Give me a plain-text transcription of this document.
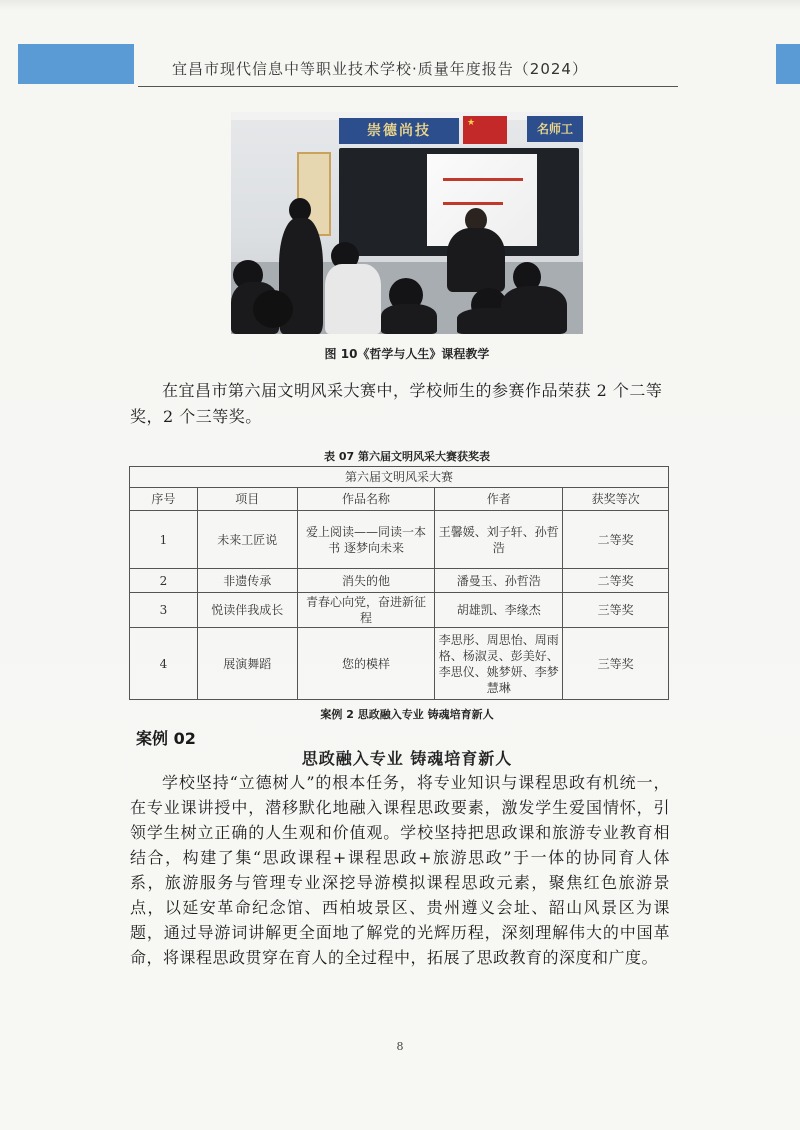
宜昌市现代信息中等职业技术学校·质量年度报告（2024）
崇德尚技	★	名师工
图 10《哲学与人生》课程教学
在宜昌市第六届文明风采大赛中，学校师生的参赛作品荣获 2 个二等奖，2 个三等奖。
表 07 第六届文明风采大赛获奖表
第六届文明风采大赛				
序号	项目	作品名称	作者	获奖等次
1	未来工匠说	爱上阅读——同读一本书 逐梦向未来	王馨媛、刘子轩、孙哲浩	二等奖
2	非遗传承	消失的他	潘曼玉、孙哲浩	二等奖
3	悦读伴我成长	青春心向党，奋进新征程	胡雄凯、李缘杰	三等奖
4	展演舞蹈	您的模样	李思彤、周思怡、周雨格、杨淑灵、彭美好、李思仪、姚梦妍、李梦慧琳	三等奖
案例 2 思政融入专业 铸魂培育新人
案例 02
思政融入专业 铸魂培育新人
学校坚持“立德树人”的根本任务，将专业知识与课程思政有机统一，在专业课讲授中，潜移默化地融入课程思政要素，激发学生爱国情怀，引领学生树立正确的人生观和价值观。学校坚持把思政课和旅游专业教育相结合，构建了集“思政课程+课程思政+旅游思政”于一体的协同育人体系，旅游服务与管理专业深挖导游模拟课程思政元素，聚焦红色旅游景点，以延安革命纪念馆、西柏坡景区、贵州遵义会址、韶山风景区为课题，通过导游词讲解更全面地了解党的光辉历程，深刻理解伟大的中国革命，将课程思政贯穿在育人的全过程中，拓展了思政教育的深度和广度。
8
